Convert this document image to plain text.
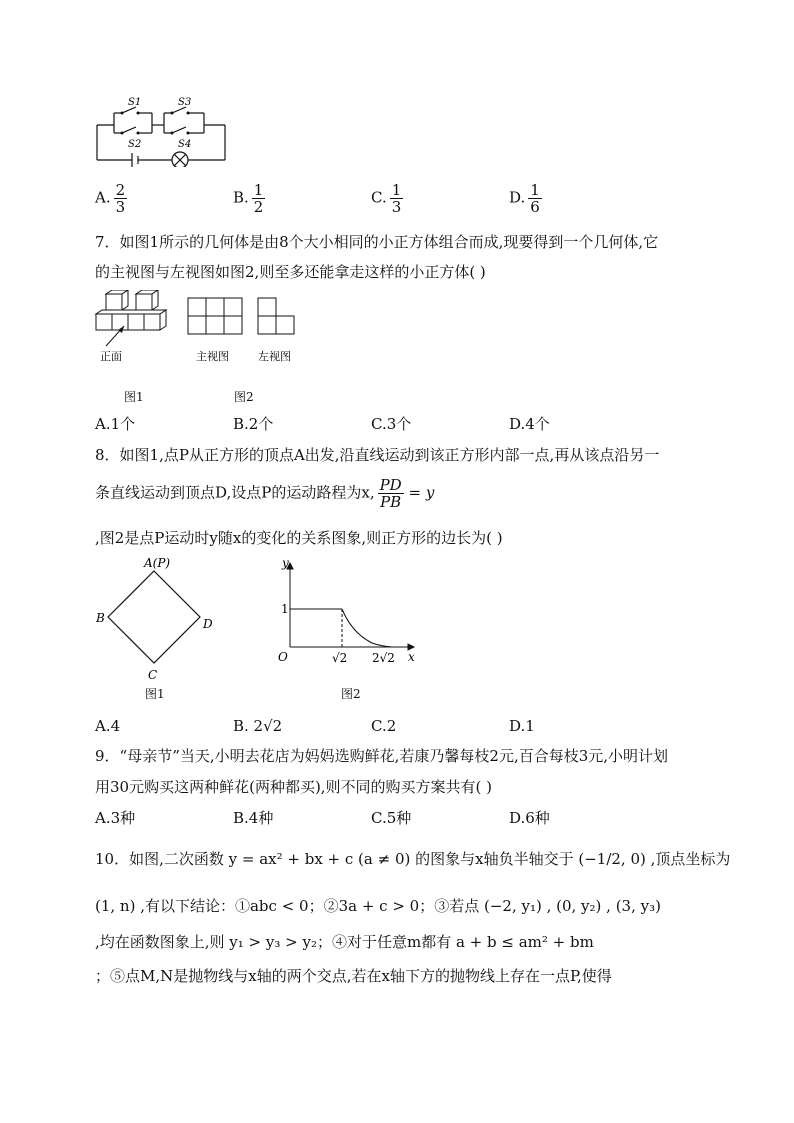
S1	S3
S2	S4
A. $\frac{2}{3}$	B. $\frac{1}{2}$	C. $\frac{1}{3}$	D. $\frac{1}{6}$
7．如图1所示的几何体是由8个大小相同的小正方体组合而成,现要得到一个几何体,它
的主视图与左视图如图2,则至多还能拿走这样的小正方体( )
正面	主视图	左视图
图1	图2
A.1个	B.2个	C.3个	D.4个
8．如图1,点P从正方形的顶点A出发,沿直线运动到该正方形内部一点,再从该点沿另一
条直线运动到顶点D,设点P的运动路程为x, $\frac{PD}{PB} = y$
,图2是点P运动时y随x的变化的关系图象,则正方形的边长为( )
A(P)
B	D
C
图1
y
x
O
1
√2 2√2
图2
A.4	B. 2√2	C.2	D.1
9．“母亲节”当天,小明去花店为妈妈选购鲜花,若康乃馨每枝2元,百合每枝3元,小明计划
用30元购买这两种鲜花(两种都买),则不同的购买方案共有( )
A.3种	B.4种	C.5种	D.6种
10．如图,二次函数 y = ax² + bx + c (a ≠ 0) 的图象与x轴负半轴交于 (−1/2, 0) ,顶点坐标为
(1, n) ,有以下结论：①abc < 0；②3a + c > 0；③若点 (−2, y₁) , (0, y₂) , (3, y₃)
,均在函数图象上,则 y₁ > y₃ > y₂；④对于任意m都有 a + b ≤ am² + bm
；⑤点M,N是抛物线与x轴的两个交点,若在x轴下方的抛物线上存在一点P,使得
